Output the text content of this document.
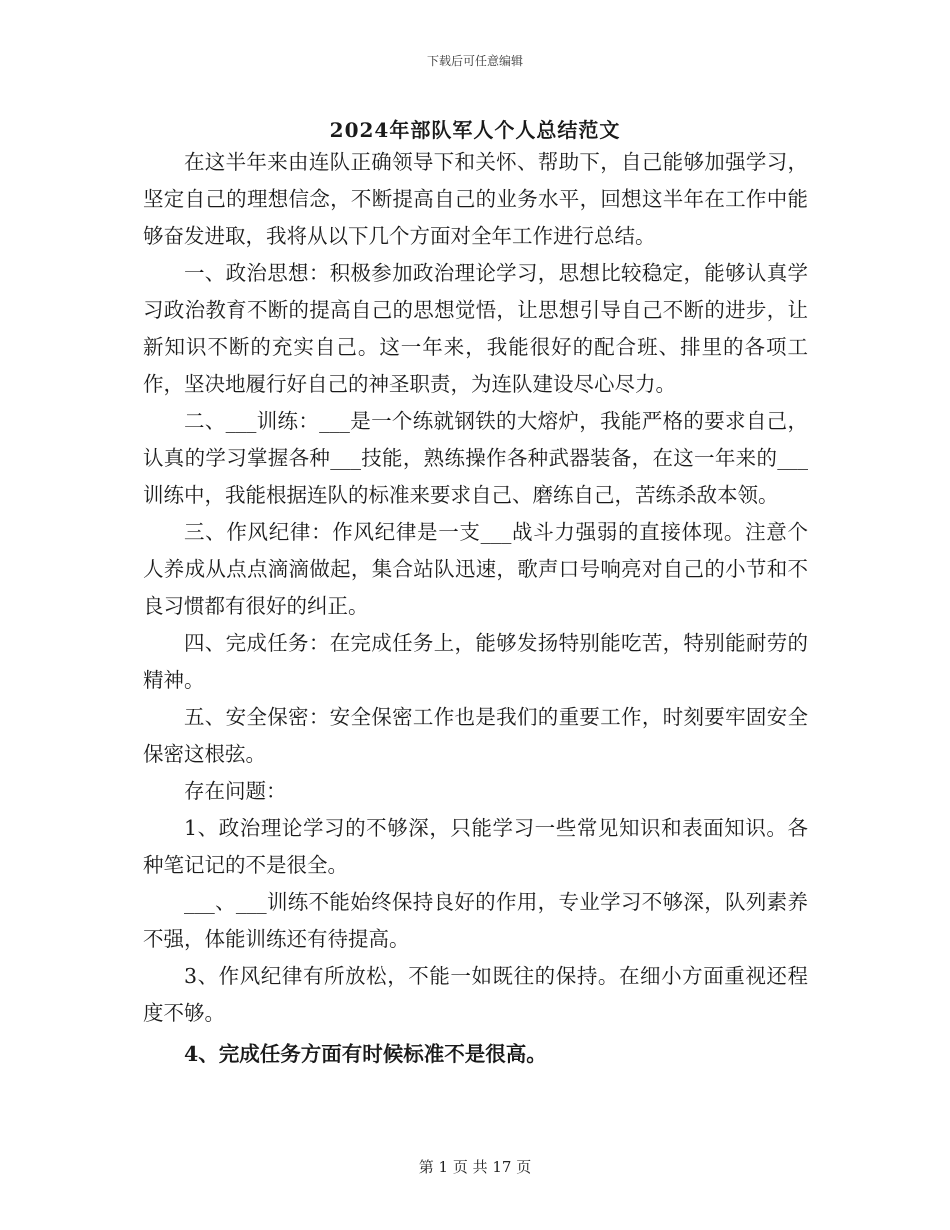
下载后可任意编辑
2024年部队军人个人总结范文

在这半年来由连队正确领导下和关怀、帮助下，自己能够加强学习，坚定自己的理想信念，不断提高自己的业务水平，回想这半年在工作中能够奋发进取，我将从以下几个方面对全年工作进行总结。

一、政治思想：积极参加政治理论学习，思想比较稳定，能够认真学习政治教育不断的提高自己的思想觉悟，让思想引导自己不断的进步，让新知识不断的充实自己。这一年来，我能很好的配合班、排里的各项工作，坚决地履行好自己的神圣职责，为连队建设尽心尽力。

二、___训练：___是一个练就钢铁的大熔炉，我能严格的要求自己，认真的学习掌握各种___技能，熟练操作各种武器装备，在这一年来的___训练中，我能根据连队的标准来要求自己、磨练自己，苦练杀敌本领。

三、作风纪律：作风纪律是一支___战斗力强弱的直接体现。注意个人养成从点点滴滴做起，集合站队迅速，歌声口号响亮对自己的小节和不良习惯都有很好的纠正。

四、完成任务：在完成任务上，能够发扬特别能吃苦，特别能耐劳的精神。

五、安全保密：安全保密工作也是我们的重要工作，时刻要牢固安全保密这根弦。

存在问题：

1、政治理论学习的不够深，只能学习一些常见知识和表面知识。各种笔记记的不是很全。

___、___训练不能始终保持良好的作用，专业学习不够深，队列素养不强，体能训练还有待提高。

3、作风纪律有所放松，不能一如既往的保持。在细小方面重视还程度不够。

4、完成任务方面有时候标准不是很高。

第 1 页 共 17 页
